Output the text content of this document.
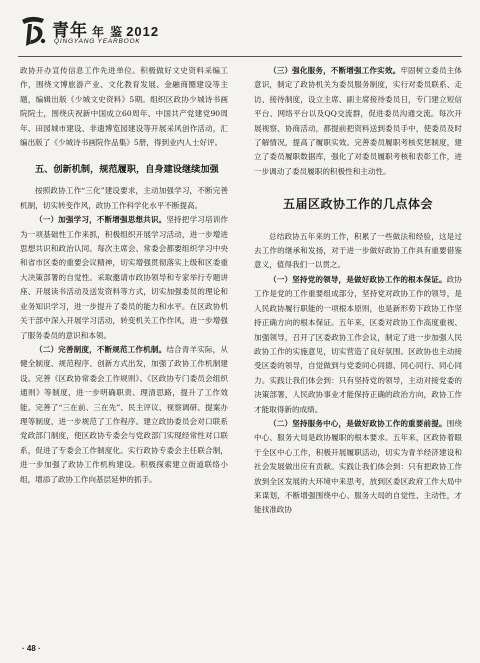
青年 年 鉴 2012
QINGYANG YEARBOOK

政协开办宣传信息工作先进单位。积极做好文史资料采编工作，围绕文博旅游产业、文化教育发展、金融商圈建设等主题，编辑出版《少城文史资料》5期。组织区政协少城诗书画院院士，围绕庆祝新中国成立60周年、中国共产党建党90周年、田园城市建设、非遗博览园建设等开展采风创作活动，汇编出版了《少城诗书画院作品集》5册，得到业内人士好评。

五、创新机制，规范履职，自身建设继续加强

按照政协工作“三化”建设要求，主动加强学习，不断完善机制，切实转变作风，政协工作科学化水平不断提高。

（一）加强学习，不断增强思想共识。坚持把学习培训作为一项基础性工作来抓，积极组织开展学习活动，进一步增进思想共识和政治认同。每次主席会、常委会都要组织学习中央和省市区委的重要会议精神，切实增强贯彻落实上级和区委重大决策部署的自觉性。采取邀请市政协领导和专家举行专题讲座、开展读书活动及送发资料等方式，切实加强委员的理论和业务知识学习，进一步提升了委员的能力和水平。在区政协机关干部中深入开展学习活动，转变机关工作作风，进一步增强了服务委员的意识和本领。

（二）完善制度，不断规范工作机制。结合青羊实际，从健全制度、规范程序、创新方式出发，加强了政协工作机制建设。完善《区政协常委会工作规则》、《区政协专门委员会组织通则》等制度，进一步明确职责、理清思路，提升了工作效能。完善了“三在前、三在先”、民主评议、视察调研、提案办理等制度，进一步规范了工作程序。建立政协委员会对口联系党政部门制度，使区政协专委会与党政部门实现经常性对口联系，促进了专委会工作制度化。实行政协专委会主任联合制，进一步加强了政协工作机构建设。积极探索建立街道联络小组，增添了政协工作向基层延伸的抓手。

（三）强化服务，不断增强工作实效。牢固树立委员主体意识，制定了政协机关为委员服务制度，实行对委员联系、走访、接待制度，设立主席、副主席接待委员日，专门建立短信平台、网络平台以及QQ交流群，促进委员沟通交流。每次开展视察、协商活动，都提前把资料送到委员手中，使委员及时了解情况，提高了履职实效。完善委员履职考核奖惩制度，建立了委员履职数据库，强化了对委员履职考核和表彰工作，进一步调动了委员履职的积极性和主动性。

五届区政协工作的几点体会

总结政协五年来的工作，积累了一些做法和经验，这是过去工作的继承和发扬，对于进一步做好政协工作具有重要借鉴意义，值得我们一以贯之。

（一）坚持党的领导，是做好政协工作的根本保证。政协工作是党的工作重要组成部分，坚持党对政协工作的领导，是人民政协履行职能的一项根本原则，也是新形势下政协工作坚持正确方向的根本保证。五年来，区委对政协工作高度重视、加强领导，召开了区委政协工作会议，制定了进一步加强人民政协工作的实施意见，切实营造了良好氛围。区政协也主动接受区委的领导，自觉做到与党委同心同德、同心同行、同心同力。实践让我们体会到：只有坚持党的领导，主动对接党委的决策部署，人民政协事业才能保持正确的政治方向，政协工作才能取得新的成绩。

（二）坚持服务中心，是做好政协工作的重要前提。围绕中心、服务大局是政协履职的根本要求。五年来，区政协着眼于全区中心工作，积极开展履职活动，切实为青羊经济建设和社会发展做出应有贡献。实践让我们体会到：只有把政协工作放到全区发展的大环境中来思考，放到区委区政府工作大局中来谋划，不断增强围绕中心、服务大局的自觉性、主动性，才能找准政协

· 48 ·
